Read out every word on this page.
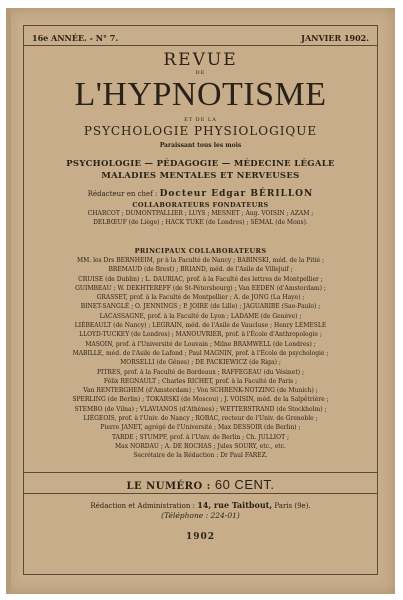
16e ANNÉE. - N° 7.	JANVIER 1902.
REVUE
DE
L'HYPNOTISME
ET DE LA
PSYCHOLOGIE PHYSIOLOGIQUE
Paraissant tous les mois
PSYCHOLOGIE — PÉDAGOGIE — MÉDECINE LÉGALE
MALADIES MENTALES ET NERVEUSES
Rédacteur en chef : Docteur Edgar BÉRILLON
COLLABORATEURS FONDATEURS
CHARCOT ; DUMONTPALLIER ; LUYS ; MESNET ; Aug. VOISIN ; AZAM ;
DELBŒUF (de Liège) ; HACK TUKE (de Londres) ; SÉMAL (de Mons).
PRINCIPAUX COLLABORATEURS
MM. les Drs BERNHEIM, pr à la Faculté de Nancy ; BABINSKI, méd. de la Pitié ;
BREMAUD (de Brest) ; BRIAND, méd. de l'Asile de Villejuif ;
CRUISE (de Dublin) ; L. DAURIAC, prof. à la Faculté des lettres de Montpellier ;
GUIMBEAU ; W. DEKHTEREFF (de St-Pétersbourg) ; Van EEDEN (d'Amsterdam) ;
GRASSET, prof. à la Faculté de Montpellier ; A. de JONG (La Haye) ;
BINET-SANGLÉ ; O. JENNINGS ; P. JOIRE (de Lille) ; JAGUARIBE (Sao-Paulo) ;
LACASSAGNE, prof. à la Faculté de Lyon ; LADAME (de Genève) ;
LIÉBEAULT (de Nancy) ; LEGRAIN, méd. de l'Asile de Vaucluse ; Henry LEMESLE
LLOYD-TUCKEY (de Londres) ; MANOUVRIER, prof. à l'École d'Anthropologie ;
MASOIN, prof. à l'Université de Louvain ; Milne BRAMWELL (de Londres) ;
MABILLE, méd. de l'Asile de Lafond ; Paul MAGNIN, prof. à l'École de psychologie ;
MORSELLI (de Gênes) ; DE PACKIEWICZ (de Riga) ;
PITRES, prof. à la Faculté de Bordeaux ; RAFFEGEAU (du Vésinet) ;
Félix REGNAULT ; Charles RICHET, prof. à la Faculté de Paris ;
Van RENTERGHEM (d'Amsterdam) ; Von SCHRENK-NOTZING (de Munich) ;
SPERLING (de Berlin) ; TOKARSKI (de Moscou) ; J. VOISIN, méd. de la Salpêtrière ;
STEMBO (de Vilna) ; VLAVIANOS (d'Athènes) ; WETTERSTRAND (de Stockholm) ;
LIÉGEOIS, prof. à l'Univ. de Nancy ; ROBAC, recteur de l'Univ. de Grenoble ;
Pierre JANET, agrégé de l'Université ; Max DESSOIR (de Berlin) ;
TARDE ; STUMPF, prof. à l'Univ. de Berlin ; Ch. JULLIOT ;
Max NORDAU ; A. DE ROCHAS ; Jules SOURY, etc., etc.
Secrétaire de la Rédaction : Dr Paul FAREZ.
LE NUMÉRO : 60 CENT.
Rédaction et Administration : 14, rue Taitbout, Paris (9e).
(Téléphone : 224-01)
1902
